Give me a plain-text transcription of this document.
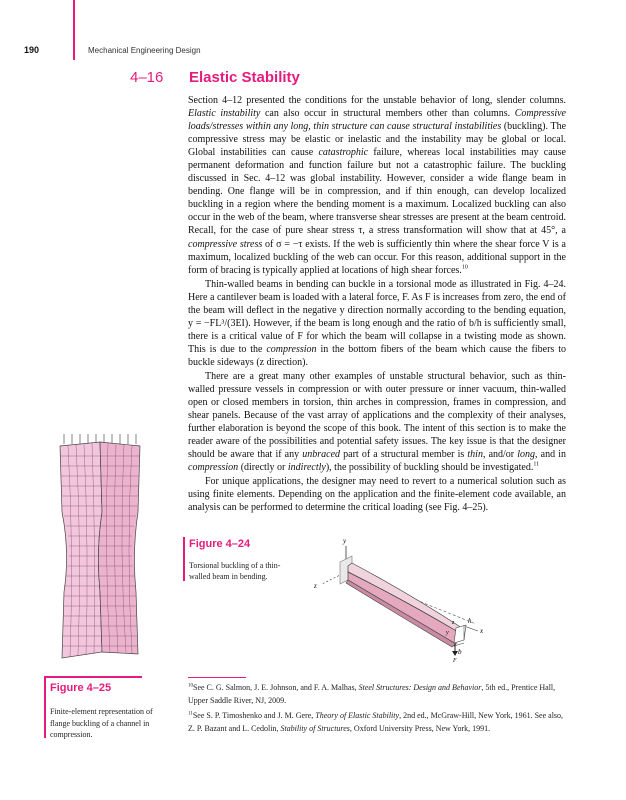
190	Mechanical Engineering Design
4–16 Elastic Stability

Section 4–12 presented the conditions for the unstable behavior of long, slender columns. Elastic instability can also occur in structural members other than columns. Compressive loads/stresses within any long, thin structure can cause structural instabilities (buckling). The compressive stress may be elastic or inelastic and the instability may be global or local. Global instabilities can cause catastrophic failure, whereas local instabilities may cause permanent deformation and function failure but not a catastrophic failure. The buckling discussed in Sec. 4–12 was global instability. However, consider a wide flange beam in bending. One flange will be in compression, and if thin enough, can develop localized buckling in a region where the bending moment is a maximum. Localized buckling can also occur in the web of the beam, where transverse shear stresses are present at the beam centroid. Recall, for the case of pure shear stress τ, a stress transformation will show that at 45°, a compressive stress of σ = −τ exists. If the web is sufficiently thin where the shear force V is a maximum, localized buckling of the web can occur. For this reason, additional support in the form of bracing is typically applied at locations of high shear forces.$^{10}$

Thin-walled beams in bending can buckle in a torsional mode as illustrated in Fig. 4–24. Here a cantilever beam is loaded with a lateral force, F. As F is increases from zero, the end of the beam will deflect in the negative y direction normally according to the bending equation, y = −FL³/(3EI). However, if the beam is long enough and the ratio of b/h is sufficiently small, there is a critical value of F for which the beam will collapse in a twisting mode as shown. This is due to the compression in the bottom fibers of the beam which cause the fibers to buckle sideways (z direction).

There are a great many other examples of unstable structural behavior, such as thin-walled pressure vessels in compression or with outer pressure or inner vacuum, thin-walled open or closed members in torsion, thin arches in compression, frames in compression, and shear panels. Because of the vast array of applications and the complexity of their analyses, further elaboration is beyond the scope of this book. The intent of this section is to make the reader aware of the possibilities and potential safety issues. The key issue is that the designer should be aware that if any unbraced part of a structural member is thin, and/or long, and in compression (directly or indirectly), the possibility of buckling should be investigated.$^{11}$

For unique applications, the designer may need to revert to a numerical solution such as using finite elements. Depending on the application and the finite-element code available, an analysis can be performed to determine the critical loading (see Fig. 4–25).

Figure 4–24
Torsional buckling of a thin-walled beam in bending.
y
z
x
h
z
y
b
F
Figure 4–25
Finite-element representation of flange buckling of a channel in compression.

$^{10}$See C. G. Salmon, J. E. Johnson, and F. A. Malhas, Steel Structures: Design and Behavior, 5th ed., Prentice Hall, Upper Saddle River, NJ, 2009.

$^{11}$See S. P. Timoshenko and J. M. Gere, Theory of Elastic Stability, 2nd ed., McGraw-Hill, New York, 1961. See also, Z. P. Bazant and L. Cedolin, Stability of Structures, Oxford University Press, New York, 1991.
